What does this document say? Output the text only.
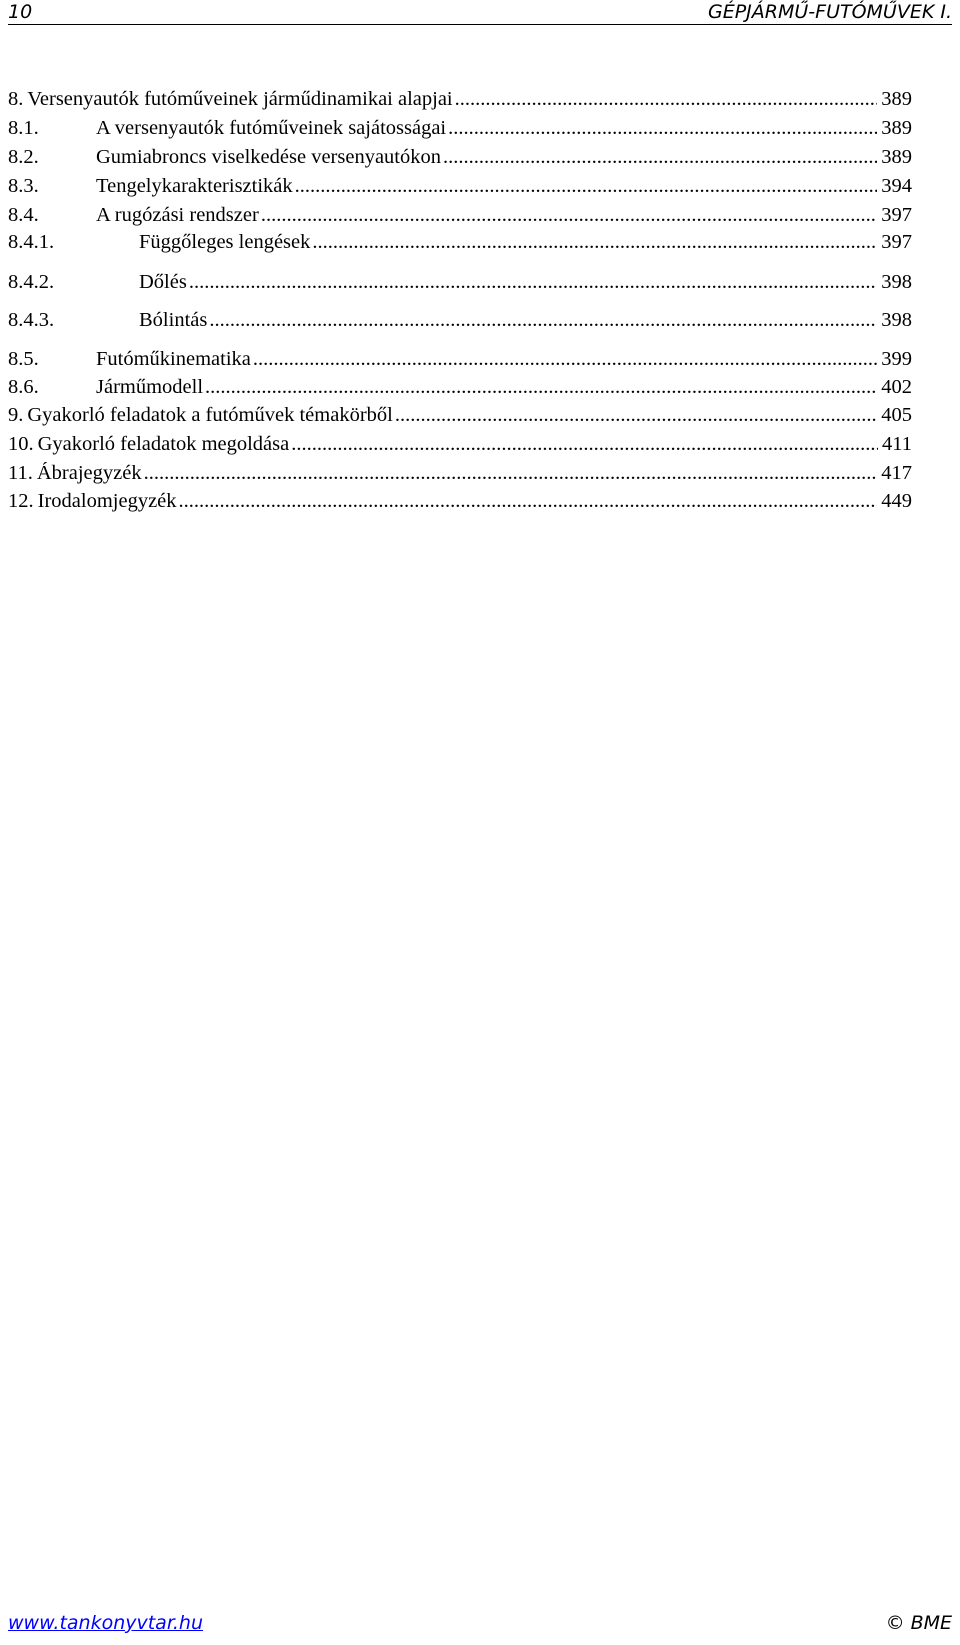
10	GÉPJÁRMŰ-FUTÓMŰVEK I.
8. Versenyautók futóműveinek járműdinamikai alapjai .....	389
8.1.	A versenyautók futóműveinek sajátosságai .....	389
8.2.	Gumiabroncs viselkedése versenyautókon .....	389
8.3.	Tengelykarakterisztikák .....	394
8.4.	A rugózási rendszer .....	397
8.4.1.	Függőleges lengések .....	397
8.4.2.	Dőlés .....	398
8.4.3.	Bólintás .....	398
8.5.	Futóműkinematika .....	399
8.6.	Járműmodell .....	402
9. Gyakorló feladatok a futóművek témakörből .....	405
10. Gyakorló feladatok megoldása .....	411
11. Ábrajegyzék .....	417
12. Irodalomjegyzék .....	449
www.tankonyvtar.hu	© BME
